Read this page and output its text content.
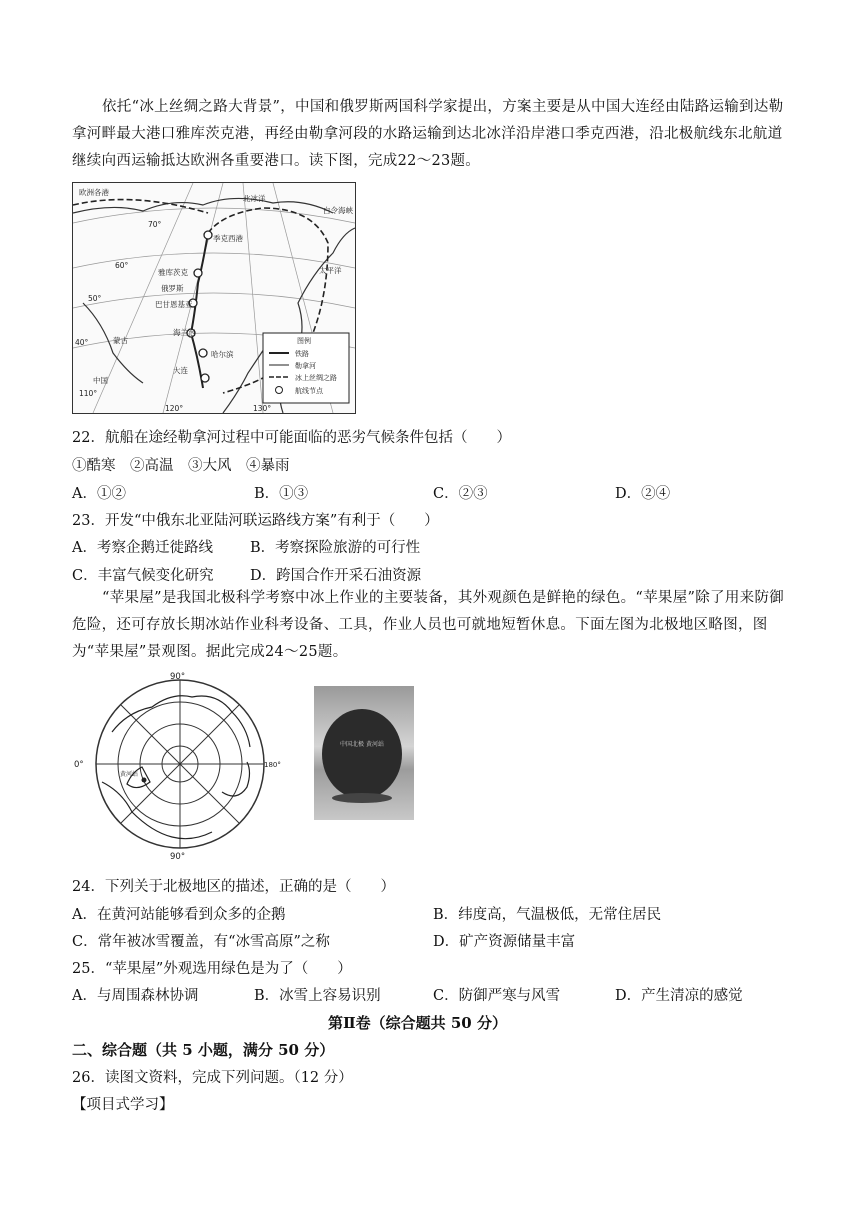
依托“冰上丝绸之路大背景”，中国和俄罗斯两国科学家提出，方案主要是从中国大连经由陆路运输到达勒拿河畔最大港口雅库茨克港，再经由勒拿河段的水路运输到达北冰洋沿岸港口季克西港，沿北极航线东北航道继续向西运输抵达欧洲各重要港口。读下图，完成22～23题。
欧洲各港
北冰洋
季克西港
雅库茨克
俄罗斯
巴甘恩基亚
海兰泡
哈尔滨
蒙古
中国
大连
太平洋
白令海峡
70°
60°
50°
40°
110°
120°	130°
图例
铁路
勒拿河
冰上丝绸之路
航线节点
22．航船在途经勒拿河过程中可能面临的恶劣气候条件包括（　　）
①酷寒　②高温　③大风　④暴雨
A．①②	B．①③	C．②③	D．②④
23．开发“中俄东北亚陆河联运路线方案”有利于（　　）
A．考察企鹅迁徙路线	B．考察探险旅游的可行性
C．丰富气候变化研究	D．跨国合作开采石油资源
“苹果屋”是我国北极科学考察中冰上作业的主要装备，其外观颜色是鲜艳的绿色。“苹果屋”除了用来防御危险，还可存放长期冰站作业科考设备、工具，作业人员也可就地短暂休息。下面左图为北极地区略图，图为“苹果屋”景观图。据此完成24～25题。
90°
0°	180°
90°
黄河站
中国北极 黄河站
24．下列关于北极地区的描述，正确的是（　　）
A．在黄河站能够看到众多的企鹅	B．纬度高，气温极低，无常住居民
C．常年被冰雪覆盖，有“冰雪高原”之称	D．矿产资源储量丰富
25．“苹果屋”外观选用绿色是为了（　　）
A．与周围森林协调	B．冰雪上容易识别	C．防御严寒与风雪	D．产生清凉的感觉
第Ⅱ卷（综合题共 50 分）
二、综合题（共 5 小题，满分 50 分）
26．读图文资料，完成下列问题。（12 分）
【项目式学习】
